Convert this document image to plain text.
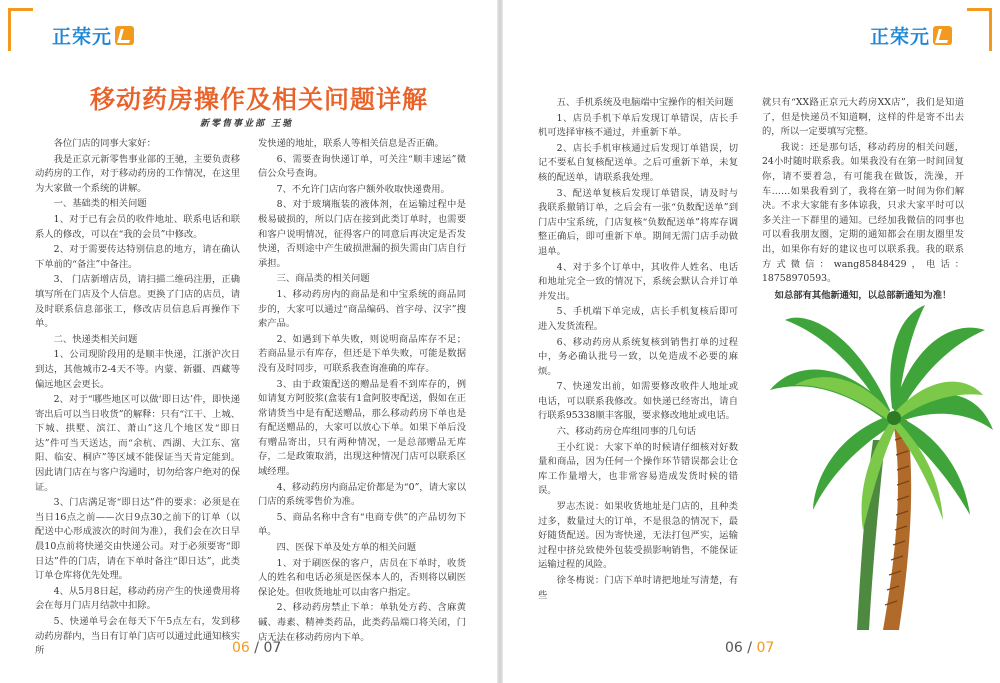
正荣元
移动药房操作及相关问题详解
新零售事业部 王驰

各位门店的同事大家好：

我是正京元新零售事业部的王驰，主要负责移动药房的工作，对于移动药房的工作情况，在这里为大家做一个系统的讲解。

一、基础类的相关问题

1、对于已有会员的收件地址、联系电话和联系人的修改，可以在“我的会员”中修改。

2、对于需要传达特别信息的地方，请在确认下单前的“备注”中备注。

3、 门店新增店员，请扫描二维码注册，正确填写所在门店及个人信息。更换了门店的店员，请及时联系信息部张工，修改店员信息后再操作下单。

二、快递类相关问题

1、公司现阶段用的是顺丰快递，江浙沪次日到达，其他城市2-4天不等。内蒙、新疆、西藏等偏远地区会更长。

2、对于“哪些地区可以做‘即日达’件，即快递寄出后可以当日收货”的解释：只有“江干、上城、下城、拱墅、滨江、萧山”这几个地区发“即日达”件可当天送达，而“余杭、西湖、大江东、富阳、临安、桐庐”等区域不能保证当天肯定能到。因此请门店在与客户沟通时，切勿给客户绝对的保证。

3、门店满足寄“即日达”件的要求：必须是在当日16点之前——次日9点30之前下的订单（以配送中心形成波次的时间为准），我们会在次日早晨10点前将快递交由快递公司。对于必须要寄“即日达”件的门店，请在下单时备注“即日达”，此类订单仓库将优先处理。

4、从5月8日起，移动药房产生的快递费用将会在每月门店月结款中扣除。

5、快递单号会在每天下午5点左右，发到移动药房群内，当日有订单门店可以通过此通知核实所

发快递的地址，联系人等相关信息是否正确。

6、需要查询快递订单，可关注“顺丰速运”微信公众号查询。

7、不允许门店向客户额外收取快递费用。

8、对于玻璃瓶装的液体剂，在运输过程中是极易破损的，所以门店在接到此类订单时，也需要和客户说明情况，征得客户的同意后再决定是否发快递，否则途中产生破损泄漏的损失需由门店自行承担。

三、商品类的相关问题

1、移动药房内的商品是和中宝系统的商品同步的，大家可以通过“商品编码、首字母、汉字”搜索产品。

2、如遇到下单失败，则说明商品库存不足；若商品显示有库存，但还是下单失败，可能是数据没有及时同步，可联系我查询准确的库存。

3、由于政策配送的赠品是看不到库存的，例如请复方阿胶浆(盒装有1盒阿胶枣配送，假如在正常请货当中是有配送赠品，那么移动药房下单也是有配送赠品的，大家可以放心下单。如果下单后没有赠品寄出，只有两种情况，一是总部赠品无库存，二是政策取消，出现这种情况门店可以联系区域经理。

4、移动药房内商品定价都是为“0”，请大家以门店的系统零售价为准。

5、商品名称中含有“电商专供”的产品切勿下单。

四、医保下单及处方单的相关问题

1、对于刷医保的客户，店员在下单时，收货人的姓名和电话必须是医保本人的，否则将以刷医保论处。但收货地址可以由客户指定。

2、移动药房禁止下单：单轨处方药、含麻黄碱、毒素、精神类药品，此类药品端口将关闭，门店无法在移动药房内下单。

06 / 07
正荣元

五、手机系统及电脑端中宝操作的相关问题

1、店员手机下单后发现订单错误，店长手机可选择审核不通过，并重新下单。

2、店长手机审核通过后发现订单错误，切记不要私自复核配送单。之后可重新下单，未复核的配送单，请联系我处理。

3、配送单复核后发现订单错误，请及时与我联系撤销订单，之后会有一张“负数配送单”到门店中宝系统，门店复核“负数配送单”将库存调整正确后，即可重新下单。期间无需门店手动做退单。

4、对于多个订单中，其收件人姓名、电话和地址完全一致的情况下，系统会默认合并订单并发出。

5、手机端下单完成，店长手机复核后即可进入发货流程。

6、移动药房从系统复核到销售打单的过程中，务必确认批号一致，以免造成不必要的麻烦。

7、快递发出前，如需要修改收件人地址或电话，可以联系我修改。如快递已经寄出，请自行联系95338顺丰客服，要求修改地址或电话。

六、移动药房仓库组同事的几句话

王小红说：大家下单的时候请仔细核对好数量和商品，因为任何一个操作环节错误都会让仓库工作量增大，也非常容易造成发货时候的错误。

罗志杰说：如果收货地址是门店的，且种类过多，数量过大的订单，不是很急的情况下，最好随货配送。因为寄快递，无法打包严实，运输过程中挤兑致使外包装受损影响销售，不能保证运输过程的风险。

徐冬梅说：门店下单时请把地址写清楚，有些

就只有“XX路正京元大药房XX店”，我们是知道了，但是快递员不知道啊，这样的件是寄不出去的，所以一定要填写完整。

我说：还是那句话，移动药房的相关问题，24小时随时联系我。如果我没有在第一时间回复你，请不要着急，有可能我在做饭，洗澡，开车……如果我看到了，我将在第一时间为你们解决。不求大家能有多体谅我，只求大家平时可以多关注一下群里的通知。已经加我微信的同事也可以看我朋友圈，定期的通知都会在朋友圈里发出，如果你有好的建议也可以联系我。我的联系方式微信：wang85848429，电话：18758970593。

如总部有其他新通知，以总部新通知为准！

06 / 07
